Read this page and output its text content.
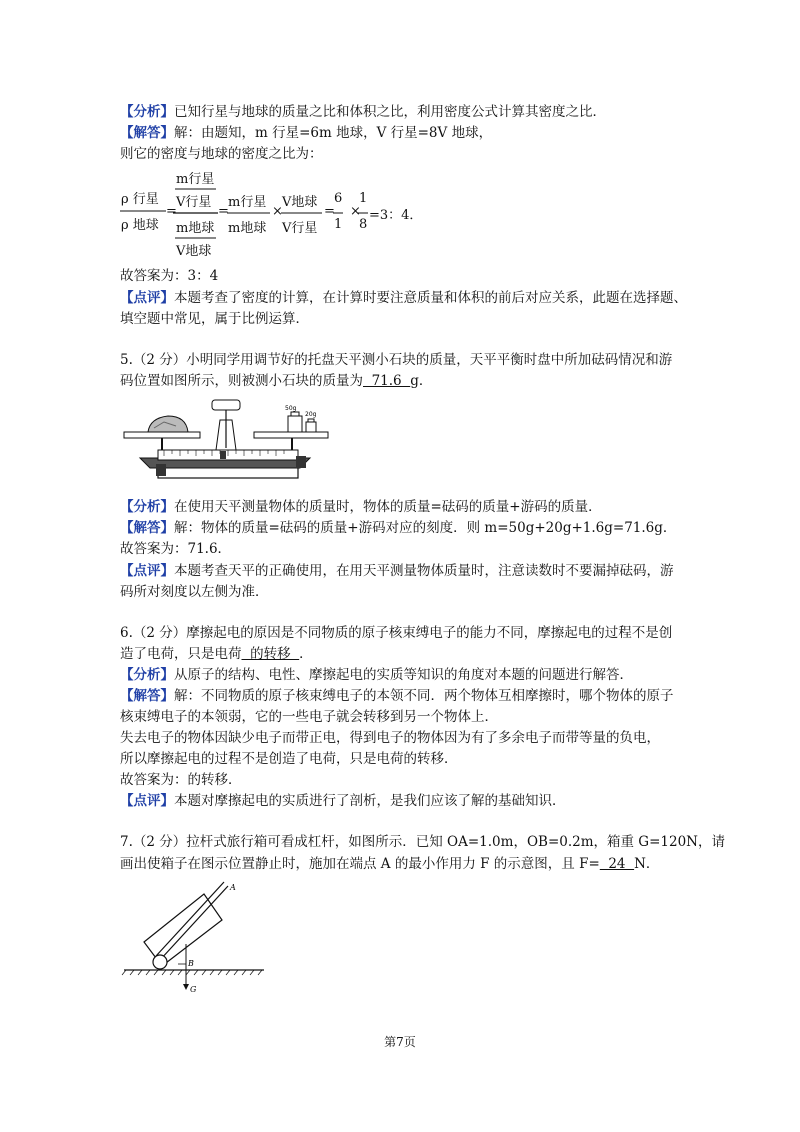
【分析】已知行星与地球的质量之比和体积之比，利用密度公式计算其密度之比．
【解答】解：由题知，m 行星=6m 地球，V 行星=8V 地球，
则它的密度与地球的密度之比为：
ρ 行星
ρ 地球
m行星
V行星
m地球
V地球
m行星
m地球
V地球
V行星
6
1
×
1
8
=3：4．
=	=	×	=
故答案为：3：4
【点评】本题考查了密度的计算，在计算时要注意质量和体积的前后对应关系，此题在选择题、
填空题中常见，属于比例运算．
5.（2 分）小明同学用调节好的托盘天平测小石块的质量，天平平衡时盘中所加砝码情况和游
码位置如图所示，则被测小石块的质量为  71.6  g．
50g
20g
【分析】在使用天平测量物体的质量时，物体的质量=砝码的质量+游码的质量．
【解答】解：物体的质量=砝码的质量+游码对应的刻度．则 m=50g+20g+1.6g=71.6g．
故答案为：71.6．
【点评】本题考查天平的正确使用，在用天平测量物体质量时，注意读数时不要漏掉砝码，游
码所对刻度以左侧为准．
6.（2 分）摩擦起电的原因是不同物质的原子核束缚电子的能力不同，摩擦起电的过程不是创
造了电荷，只是电荷  的转移  ．
【分析】从原子的结构、电性、摩擦起电的实质等知识的角度对本题的问题进行解答．
【解答】解：不同物质的原子核束缚电子的本领不同．两个物体互相摩擦时，哪个物体的原子
核束缚电子的本领弱，它的一些电子就会转移到另一个物体上．
失去电子的物体因缺少电子而带正电，得到电子的物体因为有了多余电子而带等量的负电，
所以摩擦起电的过程不是创造了电荷，只是电荷的转移．
故答案为：的转移．
【点评】本题对摩擦起电的实质进行了剖析，是我们应该了解的基础知识．
7.（2 分）拉杆式旅行箱可看成杠杆，如图所示．已知 OA=1.0m，OB=0.2m，箱重 G=120N，请
画出使箱子在图示位置静止时，施加在端点 A 的最小作用力 F 的示意图，且 F=  24  N．
A
B
G
第7页
